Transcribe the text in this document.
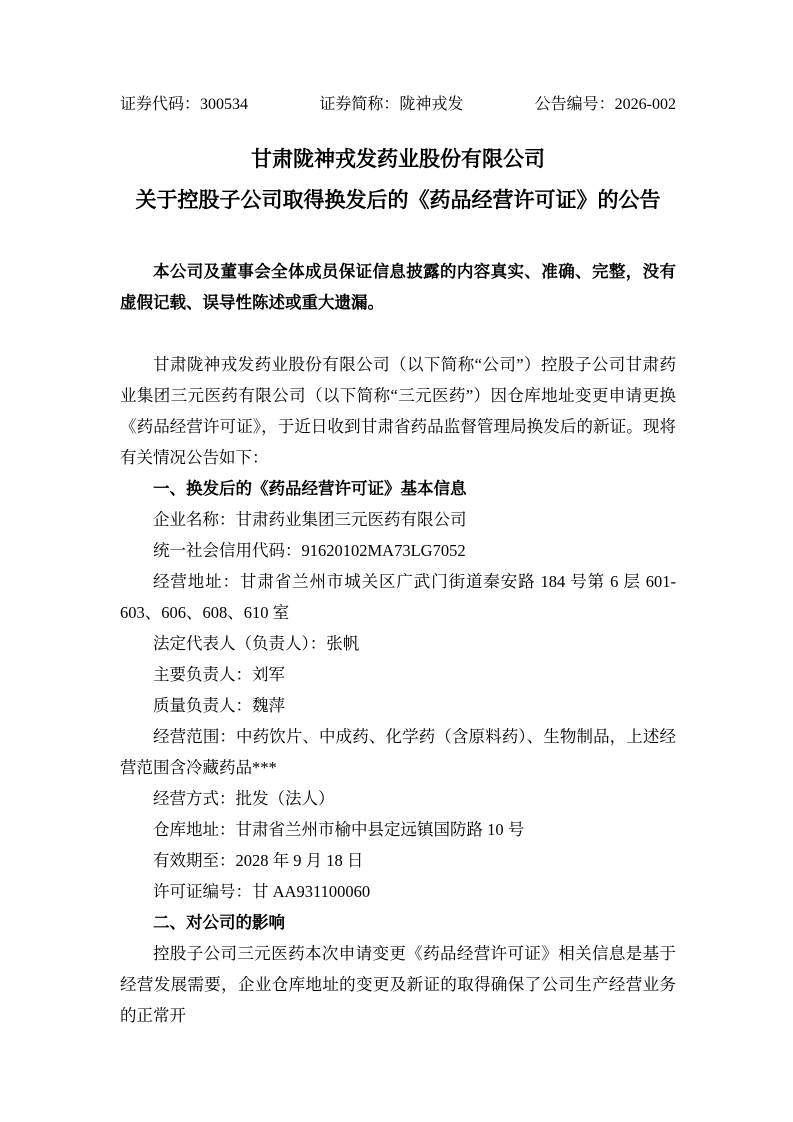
证券代码：300534	证券简称：陇神戎发	公告编号：2026-002

甘肃陇神戎发药业股份有限公司

关于控股子公司取得换发后的《药品经营许可证》的公告

本公司及董事会全体成员保证信息披露的内容真实、准确、完整，没有虚假记载、误导性陈述或重大遗漏。

甘肃陇神戎发药业股份有限公司（以下简称“公司”）控股子公司甘肃药业集团三元医药有限公司（以下简称“三元医药”）因仓库地址变更申请更换《药品经营许可证》，于近日收到甘肃省药品监督管理局换发后的新证。现将有关情况公告如下：

一、换发后的《药品经营许可证》基本信息

企业名称：甘肃药业集团三元医药有限公司

统一社会信用代码：91620102MA73LG7052

经营地址：甘肃省兰州市城关区广武门街道秦安路 184 号第 6 层 601-603、606、608、610 室

法定代表人（负责人）：张帆

主要负责人：刘军

质量负责人：魏萍

经营范围：中药饮片、中成药、化学药（含原料药）、生物制品，上述经营范围含冷藏药品***

经营方式：批发（法人）

仓库地址：甘肃省兰州市榆中县定远镇国防路 10 号

有效期至：2028 年 9 月 18 日

许可证编号：甘 AA931100060

二、对公司的影响

控股子公司三元医药本次申请变更《药品经营许可证》相关信息是基于经营发展需要，企业仓库地址的变更及新证的取得确保了公司生产经营业务的正常开
